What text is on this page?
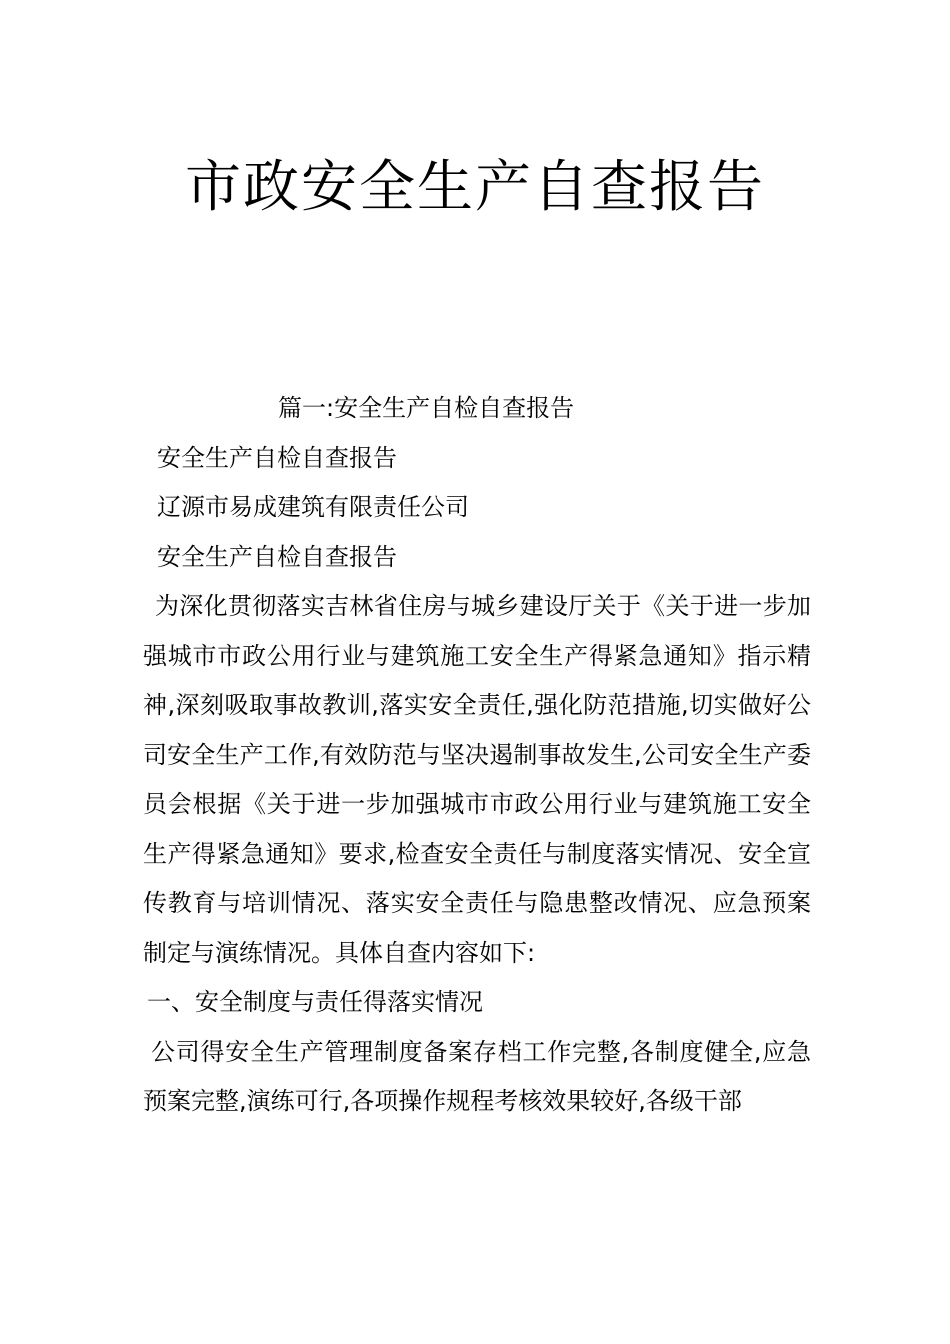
市政安全生产自查报告

篇一:安全生产自检自查报告

安全生产自检自查报告

辽源市易成建筑有限责任公司

安全生产自检自查报告

为深化贯彻落实吉林省住房与城乡建设厅关于《关于进一步加强城市市政公用行业与建筑施工安全生产得紧急通知》指示精神,深刻吸取事故教训,落实安全责任,强化防范措施,切实做好公司安全生产工作,有效防范与坚决遏制事故发生,公司安全生产委员会根据《关于进一步加强城市市政公用行业与建筑施工安全生产得紧急通知》要求,检查安全责任与制度落实情况、安全宣传教育与培训情况、落实安全责任与隐患整改情况、应急预案制定与演练情况。具体自查内容如下:

一、安全制度与责任得落实情况

公司得安全生产管理制度备案存档工作完整,各制度健全,应急预案完整,演练可行,各项操作规程考核效果较好,各级干部
